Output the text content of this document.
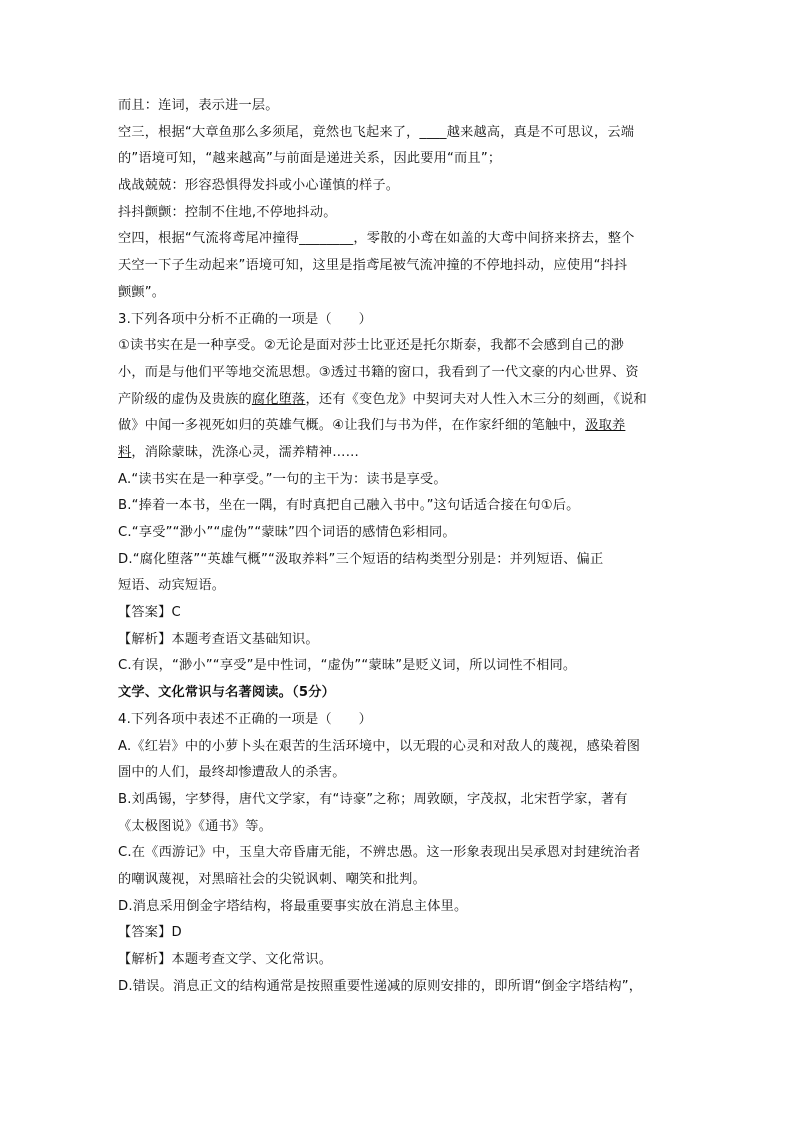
而且：连词，表示进一层。
空三，根据“大章鱼那么多须尾，竟然也飞起来了，____越来越高，真是不可思议，云端
的”语境可知，“越来越高”与前面是递进关系，因此要用“而且”；
战战兢兢：形容恐惧得发抖或小心谨慎的样子。
抖抖颤颤：控制不住地,不停地抖动。
空四，根据“气流将鸢尾冲撞得________，零散的小鸢在如盖的大鸢中间挤来挤去，整个
天空一下子生动起来”语境可知，这里是指鸢尾被气流冲撞的不停地抖动，应使用“抖抖
颤颤”。
3.下列各项中分析不正确的一项是（　　）
①读书实在是一种享受。②无论是面对莎士比亚还是托尔斯泰，我都不会感到自己的渺
小，而是与他们平等地交流思想。③透过书籍的窗口，我看到了一代文豪的内心世界、资
产阶级的虚伪及贵族的腐化堕落，还有《变色龙》中契诃夫对人性入木三分的刻画，《说和
做》中闻一多视死如归的英雄气概。④让我们与书为伴，在作家纤细的笔触中，汲取养
料，消除蒙昧，洗涤心灵，濡养精神……
A.“读书实在是一种享受。”一句的主干为：读书是享受。
B.“捧着一本书，坐在一隅，有时真把自己融入书中。”这句话适合接在句①后。
C.“享受”“渺小”“虚伪”“蒙昧”四个词语的感情色彩相同。
D.“腐化堕落”“英雄气概”“汲取养料”三个短语的结构类型分别是：并列短语、偏正
短语、动宾短语。
【答案】C
【解析】本题考查语文基础知识。
C.有误，“渺小”“享受”是中性词，“虚伪”“蒙昧”是贬义词，所以词性不相同。
文学、文化常识与名著阅读。（5分）
4.下列各项中表述不正确的一项是（　　）
A.《红岩》中的小萝卜头在艰苦的生活环境中，以无瑕的心灵和对敌人的蔑视，感染着图
圄中的人们，最终却惨遭敌人的杀害。
B.刘禹锡，字梦得，唐代文学家，有“诗豪”之称；周敦颐，字茂叔，北宋哲学家，著有
《太极图说》《通书》等。
C.在《西游记》中，玉皇大帝昏庸无能，不辨忠愚。这一形象表现出吴承恩对封建统治者
的嘲讽蔑视，对黑暗社会的尖锐讽刺、嘲笑和批判。
D.消息采用倒金字塔结构，将最重要事实放在消息主体里。
【答案】D
【解析】本题考查文学、文化常识。
D.错误。消息正文的结构通常是按照重要性递减的原则安排的，即所谓“倒金字塔结构”，
